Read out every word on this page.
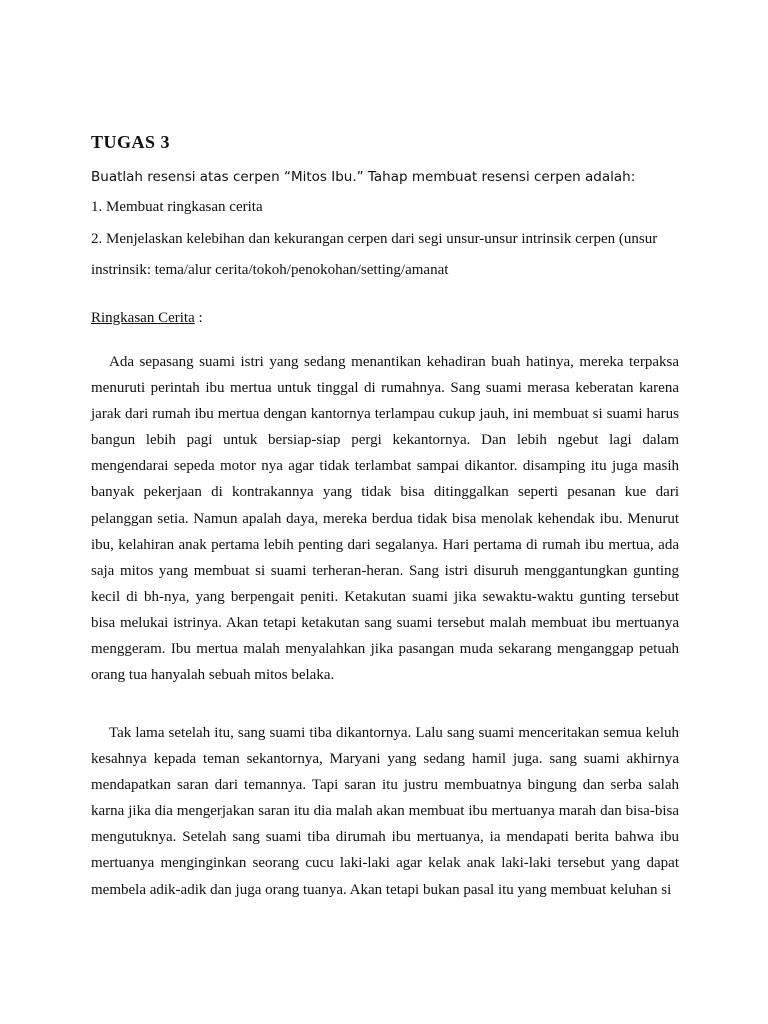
TUGAS 3
Buatlah resensi atas cerpen “Mitos Ibu.” Tahap membuat resensi cerpen adalah:
1. Membuat ringkasan cerita
2. Menjelaskan kelebihan dan kekurangan cerpen dari segi unsur-unsur intrinsik cerpen (unsur
instrinsik: tema/alur cerita/tokoh/penokohan/setting/amanat
Ringkasan Cerita :

Ada sepasang suami istri yang sedang menantikan kehadiran buah hatinya, mereka terpaksa menuruti perintah ibu mertua untuk tinggal di rumahnya. Sang suami merasa keberatan karena jarak dari rumah ibu mertua dengan kantornya terlampau cukup jauh, ini membuat si suami harus bangun lebih pagi untuk bersiap-siap pergi kekantornya. Dan lebih ngebut lagi dalam mengendarai sepeda motor nya agar tidak terlambat sampai dikantor. disamping itu juga masih banyak pekerjaan di kontrakannya yang tidak bisa ditinggalkan seperti pesanan kue dari pelanggan setia. Namun apalah daya, mereka berdua tidak bisa menolak kehendak ibu. Menurut ibu, kelahiran anak pertama lebih penting dari segalanya. Hari pertama di rumah ibu mertua, ada saja mitos yang membuat si suami terheran-heran. Sang istri disuruh menggantungkan gunting kecil di bh-nya, yang berpengait peniti. Ketakutan suami jika sewaktu-waktu gunting tersebut bisa melukai istrinya. Akan tetapi ketakutan sang suami tersebut malah membuat ibu mertuanya menggeram. Ibu mertua malah menyalahkan jika pasangan muda sekarang menganggap petuah orang tua hanyalah sebuah mitos belaka.

Tak lama setelah itu, sang suami tiba dikantornya. Lalu sang suami menceritakan semua keluh kesahnya kepada teman sekantornya, Maryani yang sedang hamil juga. sang suami akhirnya mendapatkan saran dari temannya. Tapi saran itu justru membuatnya bingung dan serba salah karna jika dia mengerjakan saran itu dia malah akan membuat ibu mertuanya marah dan bisa-bisa mengutuknya. Setelah sang suami tiba dirumah ibu mertuanya, ia mendapati berita bahwa ibu mertuanya menginginkan seorang cucu laki-laki agar kelak anak laki-laki tersebut yang dapat membela adik-adik dan juga orang tuanya. Akan tetapi bukan pasal itu yang membuat keluhan si
